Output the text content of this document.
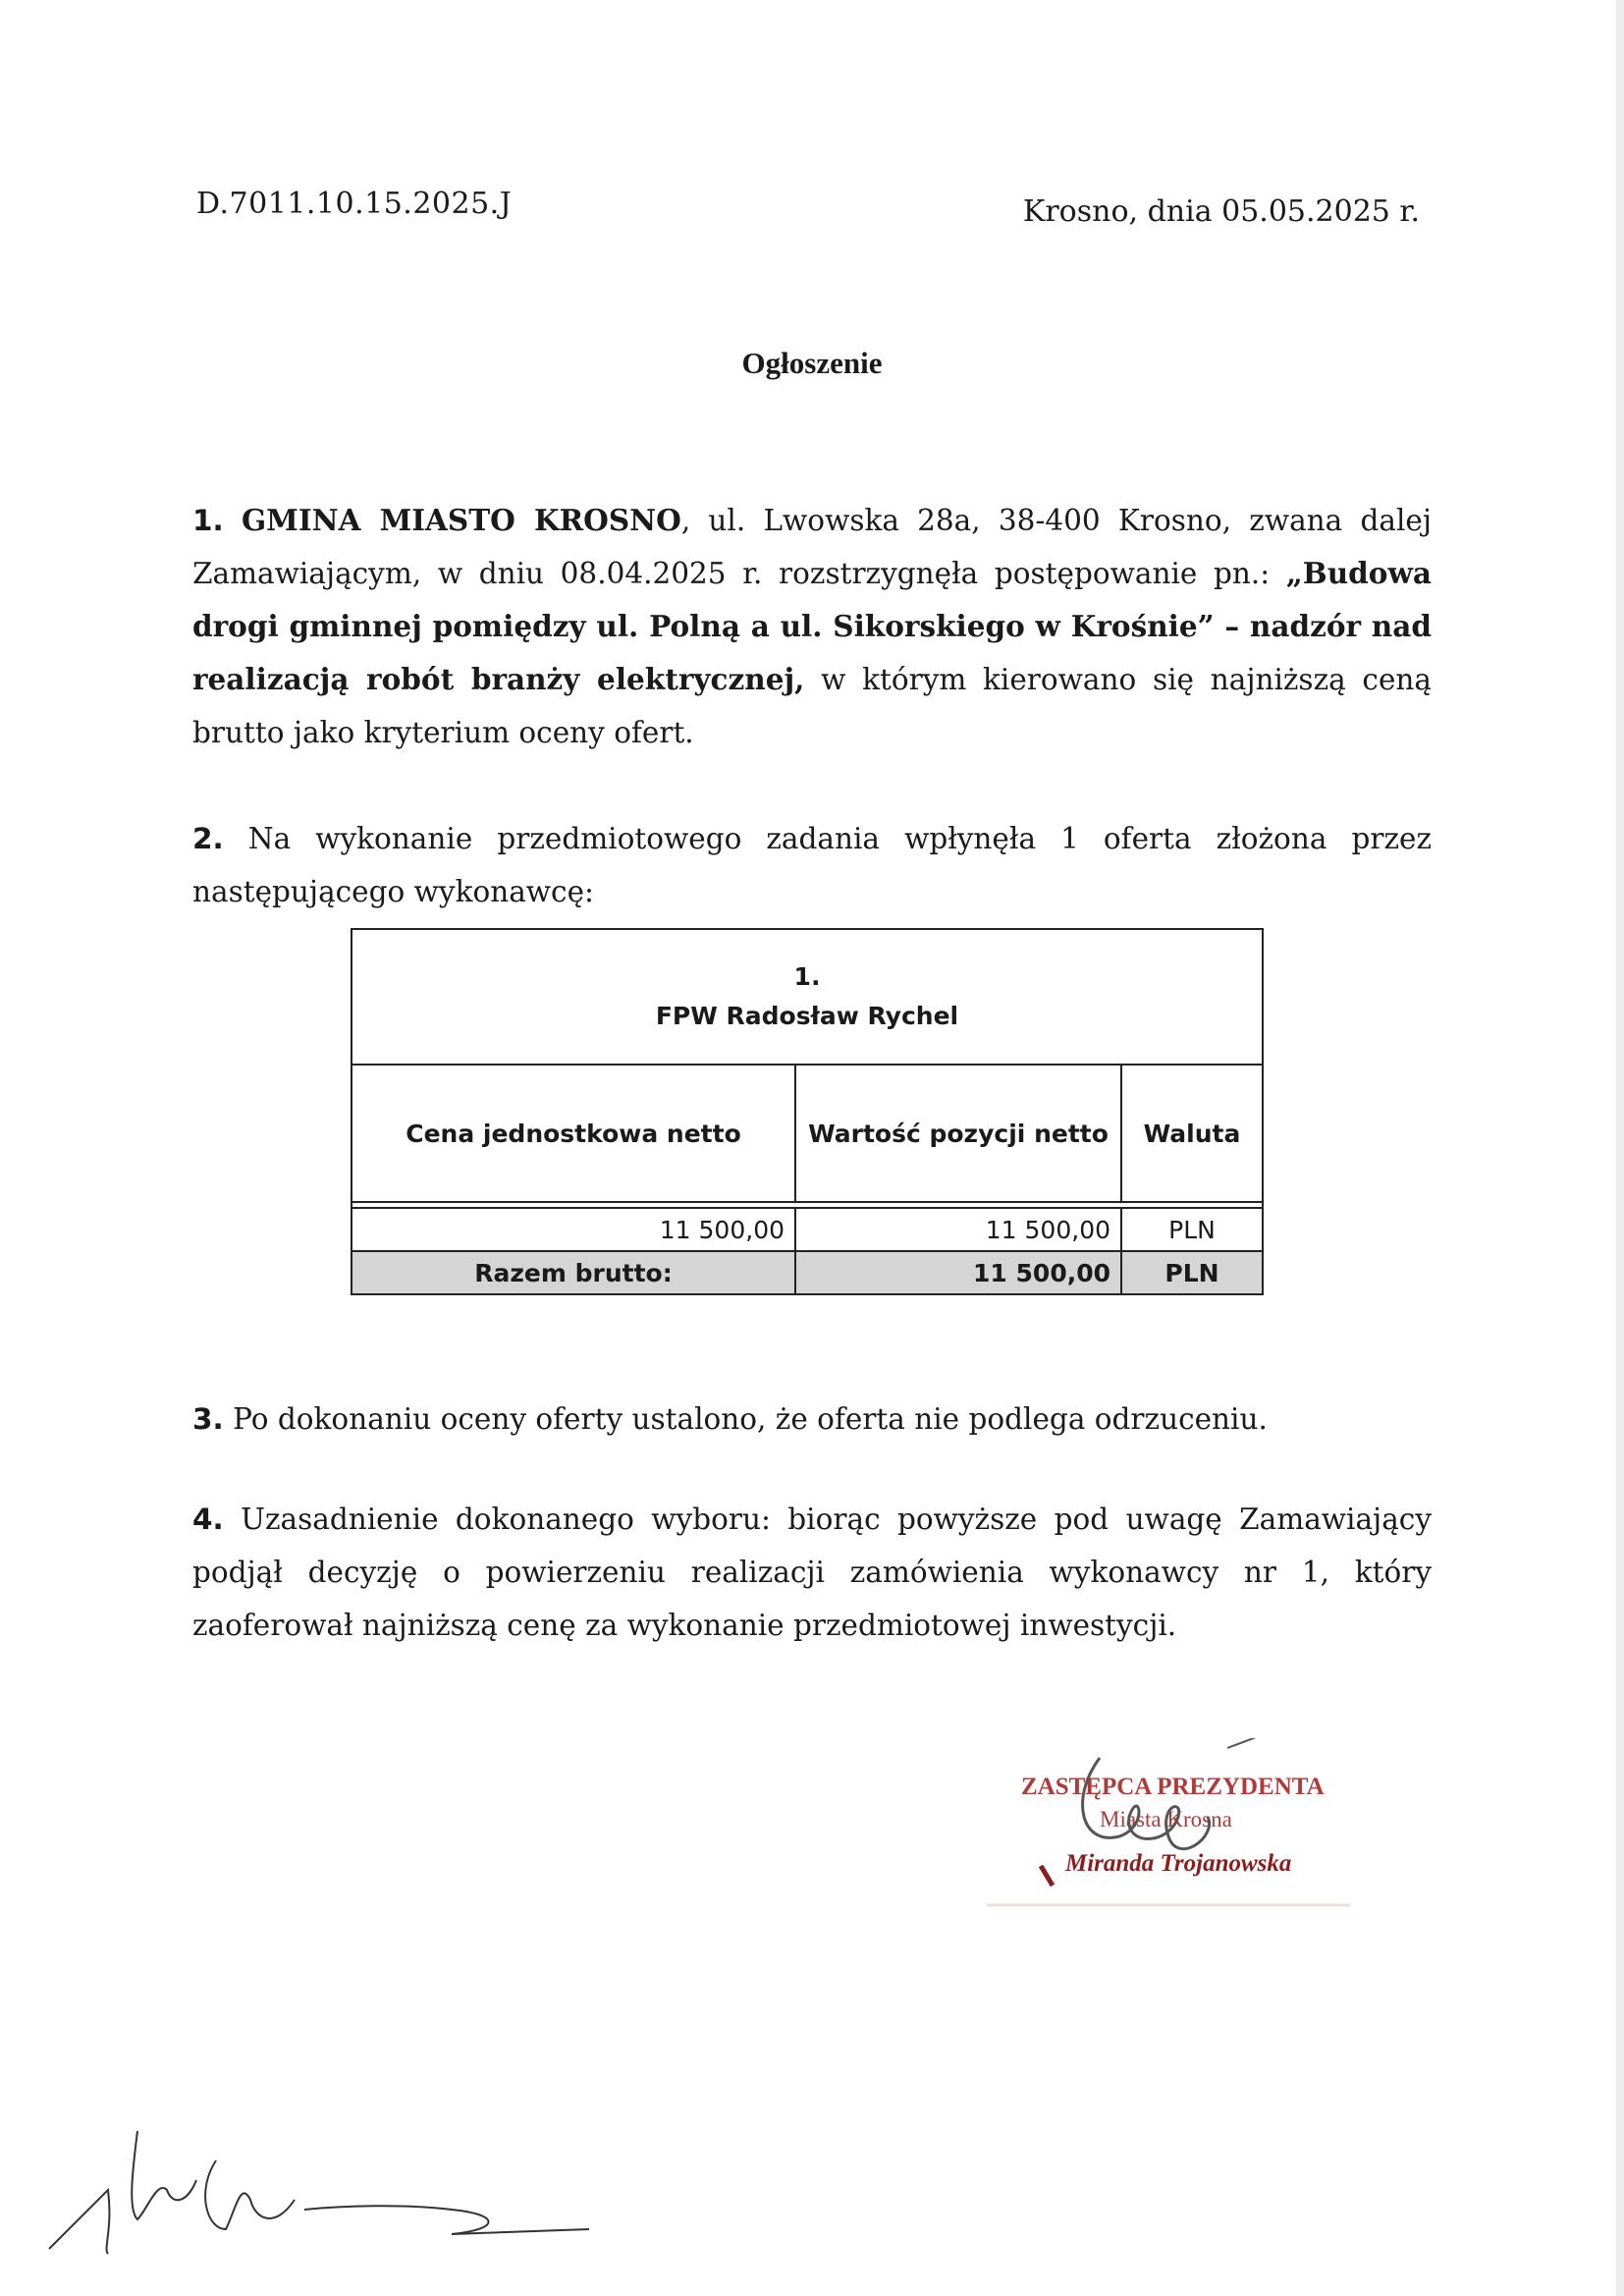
D.7011.10.15.2025.J	Krosno, dnia 05.05.2025 r.
Ogłoszenie

1. GMINA MIASTO KROSNO, ul. Lwowska 28a, 38-400 Krosno, zwana dalej Zamawiającym, w dniu 08.04.2025 r. rozstrzygnęła postępowanie pn.: „Budowa drogi gminnej pomiędzy ul. Polną a ul. Sikorskiego w Krośnie” – nadzór nad realizacją robót branży elektrycznej, w którym kierowano się najniższą ceną brutto jako kryterium oceny ofert.

2. Na wykonanie przedmiotowego zadania wpłynęła 1 oferta złożona przez następującego wykonawcę:

1.
FPW Radosław Rychel		

Cena jednostkowa netto	Wartość pozycji netto	Waluta

11 500,00	11 500,00	PLN
Razem brutto:	11 500,00	PLN

3. Po dokonaniu oceny oferty ustalono, że oferta nie podlega odrzuceniu.

4. Uzasadnienie dokonanego wyboru: biorąc powyższe pod uwagę Zamawiający podjął decyzję o powierzeniu realizacji zamówienia wykonawcy nr 1, który zaoferował najniższą cenę za wykonanie przedmiotowej inwestycji.

ZASTĘPCA PREZYDENTA
Miasta Krosna
Miranda Trojanowska
